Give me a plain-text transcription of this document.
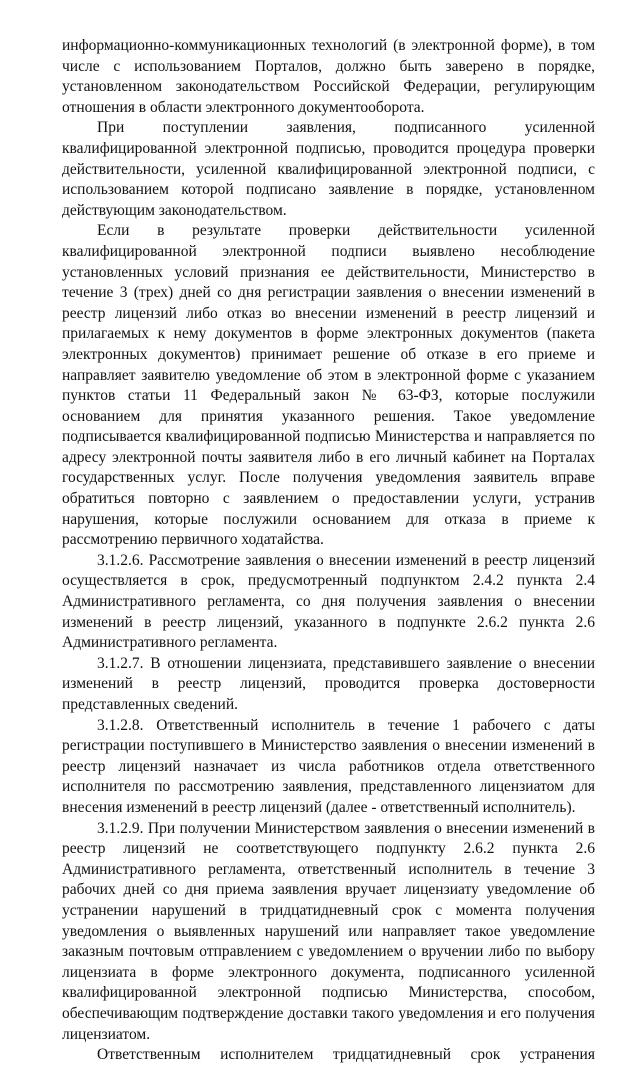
информационно-коммуникационных технологий (в электронной форме), в том числе с использованием Порталов, должно быть заверено в порядке, установленном законодательством Российской Федерации, регулирующим отношения в области электронного документооборота.

При поступлении заявления, подписанного усиленной квалифицированной электронной подписью, проводится процедура проверки действительности, усиленной квалифицированной электронной подписи, с использованием которой подписано заявление в порядке, установленном действующим законодательством.

Если в результате проверки действительности усиленной квалифицированной электронной подписи выявлено несоблюдение установленных условий признания ее действительности, Министерство в течение 3 (трех) дней со дня регистрации заявления о внесении изменений в реестр лицензий либо отказ во внесении изменений в реестр лицензий и прилагаемых к нему документов в форме электронных документов (пакета электронных документов) принимает решение об отказе в его приеме и направляет заявителю уведомление об этом в электронной форме с указанием пунктов статьи 11 Федеральный закон № 63-ФЗ, которые послужили основанием для принятия указанного решения. Такое уведомление подписывается квалифицированной подписью Министерства и направляется по адресу электронной почты заявителя либо в его личный кабинет на Порталах государственных услуг. После получения уведомления заявитель вправе обратиться повторно с заявлением о предоставлении услуги, устранив нарушения, которые послужили основанием для отказа в приеме к рассмотрению первичного ходатайства.

3.1.2.6. Рассмотрение заявления о внесении изменений в реестр лицензий осуществляется в срок, предусмотренный подпунктом 2.4.2 пункта 2.4 Административного регламента, со дня получения заявления о внесении изменений в реестр лицензий, указанного в подпункте 2.6.2 пункта 2.6 Административного регламента.

3.1.2.7. В отношении лицензиата, представившего заявление о внесении изменений в реестр лицензий, проводится проверка достоверности представленных сведений.

3.1.2.8. Ответственный исполнитель в течение 1 рабочего с даты регистрации поступившего в Министерство заявления о внесении изменений в реестр лицензий назначает из числа работников отдела ответственного исполнителя по рассмотрению заявления, представленного лицензиатом для внесения изменений в реестр лицензий (далее - ответственный исполнитель).

3.1.2.9. При получении Министерством заявления о внесении изменений в реестр лицензий не соответствующего подпункту 2.6.2 пункта 2.6 Административного регламента, ответственный исполнитель в течение 3 рабочих дней со дня приема заявления вручает лицензиату уведомление об устранении нарушений в тридцатидневный срок с момента получения уведомления о выявленных нарушений или направляет такое уведомление заказным почтовым отправлением с уведомлением о вручении либо по выбору лицензиата в форме электронного документа, подписанного усиленной квалифицированной электронной подписью Министерства, способом, обеспечивающим подтверждение доставки такого уведомления и его получения лицензиатом.

Ответственным исполнителем тридцатидневный срок устранения
